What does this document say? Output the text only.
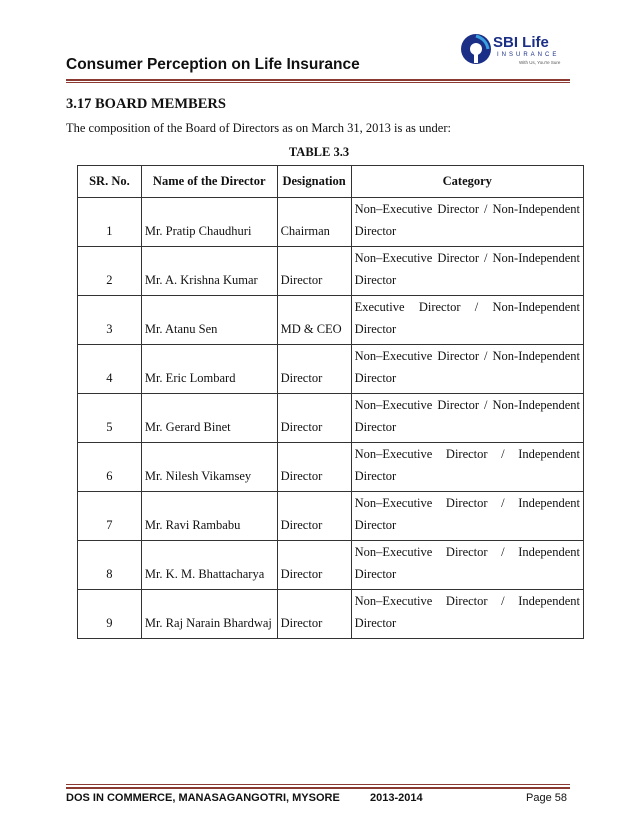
Consumer Perception on Life Insurance
SBI Life
INSURANCE
With Us, You're Sure
3.17 BOARD MEMBERS
The composition of the Board of Directors as on March 31, 2013 is as under:
TABLE 3.3
SR. No.	Name of the Director	Designation	Category
1	Mr. Pratip Chaudhuri	Chairman	Non–Executive Director / Non-Independent Director
2	Mr. A. Krishna Kumar	Director	Non–Executive Director / Non-Independent Director
3	Mr. Atanu Sen	MD & CEO	Executive Director / Non-Independent Director
4	Mr. Eric Lombard	Director	Non–Executive Director / Non-Independent Director
5	Mr. Gerard Binet	Director	Non–Executive Director / Non-Independent Director
6	Mr. Nilesh Vikamsey	Director	Non–Executive Director / Independent Director
7	Mr. Ravi Rambabu	Director	Non–Executive Director / Independent Director
8	Mr. K. M. Bhattacharya	Director	Non–Executive Director / Independent Director
9	Mr. Raj Narain Bhardwaj	Director	Non–Executive Director / Independent Director
DOS IN COMMERCE, MANASAGANGOTRI, MYSORE	2013-2014	Page 58
